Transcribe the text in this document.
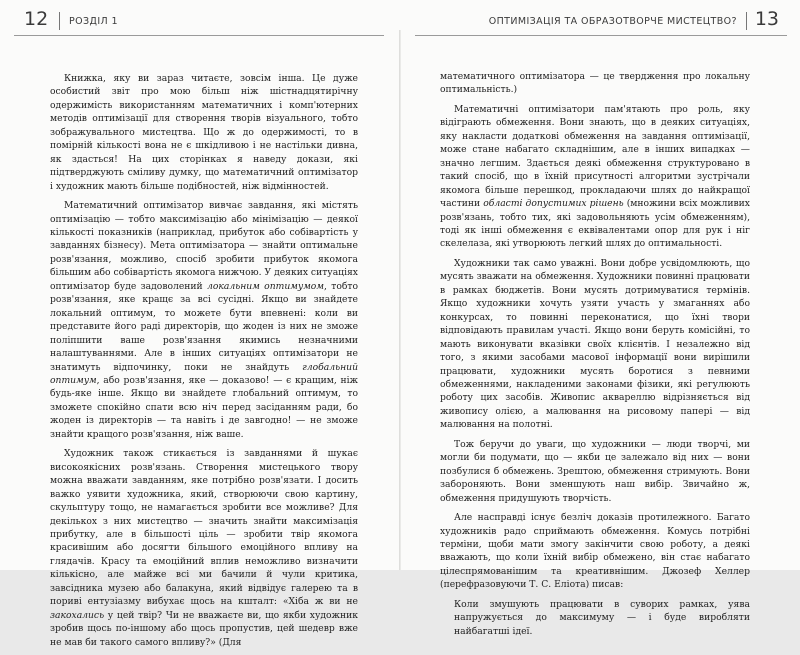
12 РОЗДІЛ 1	ОПТИМІЗАЦІЯ ТА ОБРАЗОТВОРЧЕ МИСТЕЦТВО? 13

Книжка, яку ви зараз читаєте, зовсім інша. Це дуже особистий звіт про мою більш ніж шістнадцятирічну одержимість використанням математичних і комп'ютерних методів оптимізації для створення творів візуального, тобто зображувального мистецтва. Що ж до одержимості, то в помірній кількості вона не є шкідливою і не настільки дивна, як здасться! На цих сторінках я наведу докази, які підтверджують сміливу думку, що математичний оптимізатор і художник мають більше подібностей, ніж відмінностей.

Математичний оптимізатор вивчає завдання, які містять оптимізацію — тобто максимізацію або мінімізацію — деякої кількості показників (наприклад, прибуток або собівартість у завданнях бізнесу). Мета оптимізатора — знайти оптимальне розв'язання, можливо, спосіб зробити прибуток якомога більшим або собівартість якомога нижчою. У деяких ситуаціях оптимізатор буде задоволений локальним оптимумом, тобто розв'язання, яке кращє за всі сусідні. Якщо ви знайдете локальний оптимум, то можете бути впевнені: коли ви представите його раді директорів, що жоден із них не зможе поліпшити ваше розв'язання якимись незначними налаштуваннями. Але в інших ситуаціях оптимізатори не знатимуть відпочинку, поки не знайдуть глобальний оптимум, або розв'язання, яке — доказово! — є кращим, ніж будь-яке інше. Якщо ви знайдете глобальний оптимум, то зможете спокійно спати всю ніч перед засіданням ради, бо жоден із директорів — та навіть і де завгодно! — не зможе знайти кращого розв'язання, ніж ваше.

Художник також стикається із завданнями й шукає високоякісних розв'язань. Створення мистецького твору можна вважати завданням, яке потрібно розв'язати. І досить важко уявити художника, який, створюючи свою картину, скульптуру тощо, не намагається зробити все можливе? Для декількох з них мистецтво — значить знайти максимізація прибутку, але в більшості ціль — зробити твір якомога красивішим або досягти більшого емоційного впливу на глядачів. Красу та емоційний вплив неможливо визначити кількісно, але майже всі ми бачили й чули критика, завсідника музею або балакуна, який відвідує галерею та в пориві ентузіазму вибухає щось на кшталт: «Хіба ж ви не закохались у цей твір? Чи не вважаєте ви, що якби художник зробив щось по-іншому або щось пропустив, цей шедевр вже не мав би такого самого впливу?» (Для

математичного оптимізатора — це твердження про локальну оптимальність.)

Математичні оптимізатори пам'ятають про роль, яку відіграють обмеження. Вони знають, що в деяких ситуаціях, яку накласти додаткові обмеження на завдання оптимізації, може стане набагато складнішим, але в інших випадках — значно легшим. Здається деякі обмеження структуровано в такий спосіб, що в їхній присутності алгоритми зустрічали якомога більше перешкод, прокладаючи шлях до найкращої частини області допустимих рішень (множини всіх можливих розв'язань, тобто тих, які задовольняють усім обмеженням), тоді як інші обмеження є еквівалентами опор для рук і ніг скелелаза, які утворюють легкий шлях до оптимальності.

Художники так само уважні. Вони добре усвідомлюють, що мусять зважати на обмеження. Художники повинні працювати в рамках бюджетів. Вони мусять дотримуватися термінів. Якщо художники хочуть узяти участь у змаганнях або конкурсах, то повинні переконатися, що їхні твори відповідають правилам участі. Якщо вони беруть комісійні, то мають виконувати вказівки своїх клієнтів. І незалежно від того, з якими засобами масової інформації вони вирішили працювати, художники мусять боротися з певними обмеженнями, накладеними законами фізики, які регулюють роботу цих засобів. Живопис аквареллю відрізняється від живопису олією, а малювання на рисовому папері — від малювання на полотні.

Тож беручи до уваги, що художники — люди творчі, ми могли би подумати, що — якби це залежало від них — вони позбулися б обмежень. Зрештою, обмеження стримують. Вони забороняють. Вони зменшують наш вибір. Звичайно ж, обмеження придушують творчість.

Але насправді існує безліч доказів протилежного. Багато художників радо сприймають обмеження. Комусь потрібні терміни, щоби мати змогу закінчити свою роботу, а деякі вважають, що коли їхній вибір обмежено, він стає набагато цілеспрямованішим та креативнішим. Джозеф Хеллер (перефразовуючи Т. С. Еліота) писав:

Коли змушують працювати в суворих рамках, уява напружується до максимуму — і буде виробляти найбагатші ідеї.
